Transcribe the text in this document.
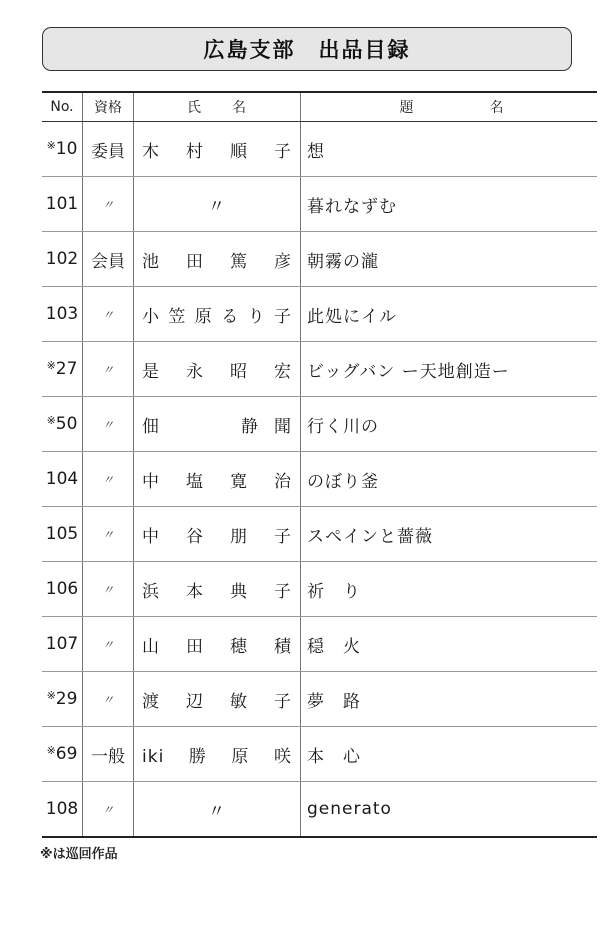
広島支部　出品目録
No.	資格	氏　　名	題　　　　　名
※10	委員	木村順子	想
101	〃	〃	暮れなずむ
102	会員	池田篤彦	朝霧の瀧
103	〃	小笠原るり子	此処にイル
※27	〃	是永昭宏	ビッグバン ー天地創造ー
※50	〃	佃　　静聞	行く川の
104	〃	中塩寛治	のぼり釜
105	〃	中谷朋子	スペインと薔薇
106	〃	浜本典子	祈　り
107	〃	山田穂積	穏　火
※29	〃	渡辺敏子	夢　路
※69	一般	iki勝原咲	本　心
108	〃	〃	generato
※は巡回作品
